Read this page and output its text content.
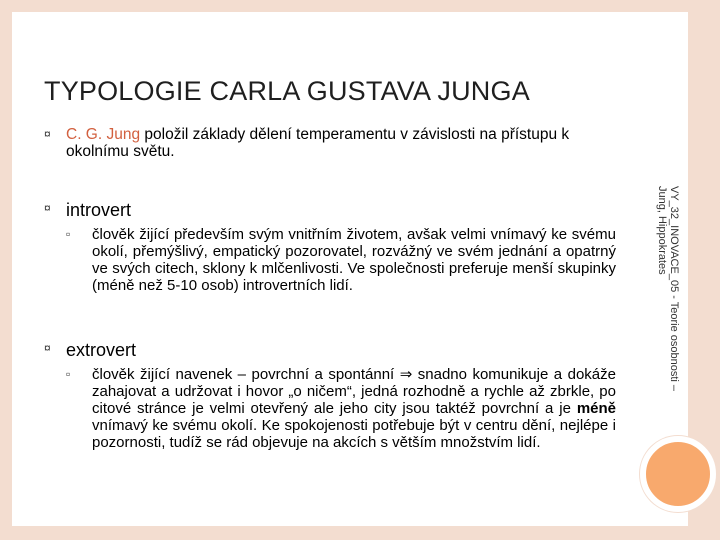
TYPOLOGIE CARLA GUSTAVA JUNGA
¤ C. G. Jung položil základy dělení temperamentu v závislosti na přístupu k okolnímu světu.
¤ introvert
▫ člověk žijící především svým vnitřním životem, avšak velmi vnímavý ke svému okolí, přemýšlivý, empatický pozorovatel, rozvážný ve svém jednání a opatrný ve svých citech, sklony k mlčenlivosti. Ve společnosti preferuje menší skupinky (méně než 5-10 osob) introvertních lidí.
¤ extrovert
▫ člověk žijící navenek – povrchní a spontánní ⇒ snadno komunikuje a dokáže zahajovat a udržovat i hovor „o ničem“, jedná rozhodně a rychle až zbrkle, po citové stránce je velmi otevřený ale jeho city jsou taktéž povrchní a je méně vnímavý ke svému okolí. Ke spokojenosti potřebuje být v centru dění, nejlépe i pozornosti, tudíž se rád objevuje na akcích s větším množstvím lidí.
VY_32_INOVACE_05 - Teorie osobnosti – Jung, Hippokrates
